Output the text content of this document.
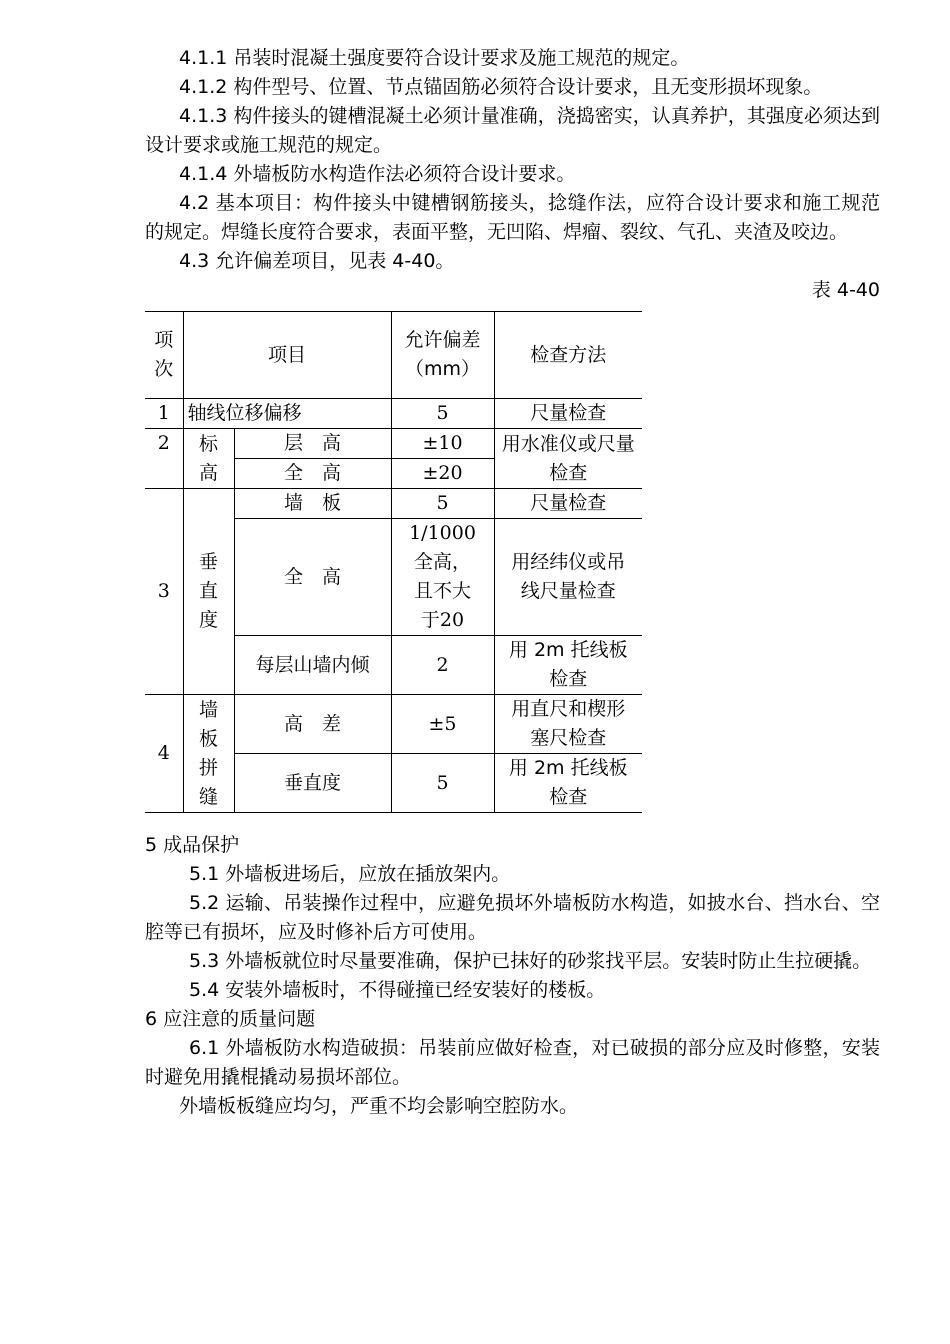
4.1.1 吊装时混凝土强度要符合设计要求及施工规范的规定。

4.1.2 构件型号、位置、节点锚固筋必须符合设计要求，且无变形损坏现象。

4.1.3 构件接头的键槽混凝土必须计量准确，浇捣密实，认真养护，其强度必须达到设计要求或施工规范的规定。

4.1.4 外墙板防水构造作法必须符合设计要求。

4.2 基本项目：构件接头中键槽钢筋接头，捻缝作法，应符合设计要求和施工规范的规定。焊缝长度符合要求，表面平整，无凹陷、焊瘤、裂纹、气孔、夹渣及咬边。

4.3 允许偏差项目，见表 4-40。

表 4-40

项次	项目		允许偏差（mm）	检查方法
1	轴线位移偏移		5	尺量检查
2	标高	层　高	±10	用水准仪或尺量检查
		全　高	±20	
3	垂直度	墙　板	5	尺量检查
		全　高	1/1000全高，且不大于20	用经纬仪或吊线尺量检查
		每层山墙内倾	2	用 2m 托线板检查
4	墙板拼缝	高　差	±5	用直尺和楔形塞尺检查
		垂直度	5	用 2m 托线板检查

5 成品保护

5.1 外墙板进场后，应放在插放架内。

5.2 运输、吊装操作过程中，应避免损坏外墙板防水构造，如披水台、挡水台、空腔等已有损坏，应及时修补后方可使用。

5.3 外墙板就位时尽量要准确，保护已抹好的砂浆找平层。安装时防止生拉硬撬。

5.4 安装外墙板时，不得碰撞已经安装好的楼板。

6 应注意的质量问题

6.1 外墙板防水构造破损：吊装前应做好检查，对已破损的部分应及时修整，安装时避免用撬棍撬动易损坏部位。

外墙板板缝应均匀，严重不均会影响空腔防水。
